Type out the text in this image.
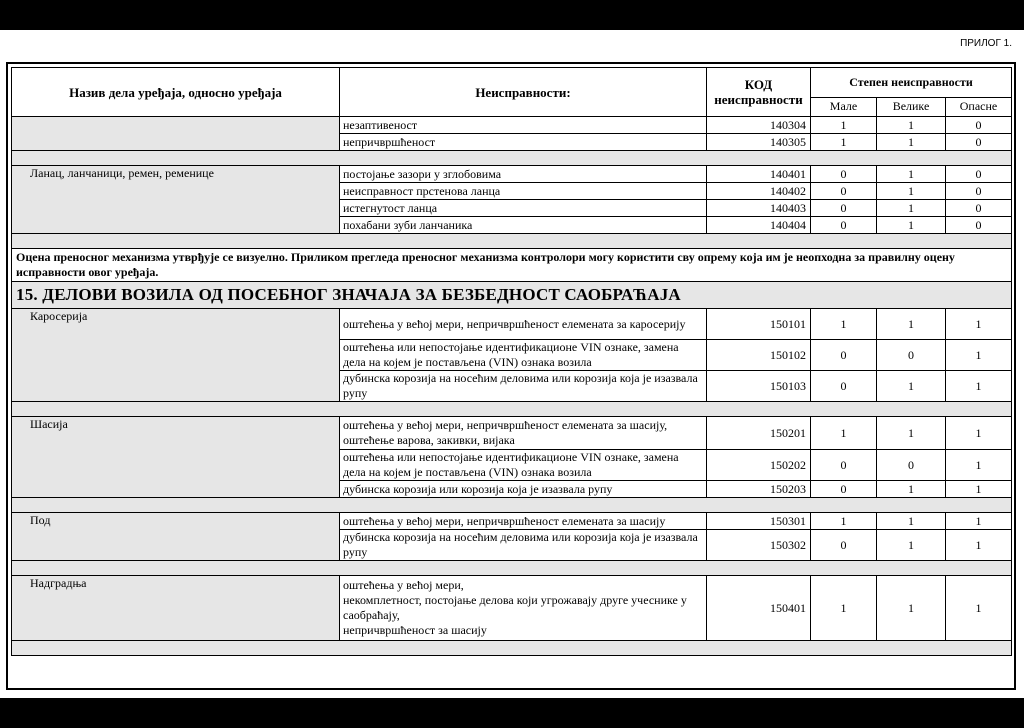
ПРИЛОГ 1.
Назив дела уређаја, односно уређаја	Неисправности:	КОД
неисправности	Степен неисправности		
			Мале	Велике	Опасне
	незаптивеност	140304	1	1	0
	непричвршћеност	140305	1	1	0

Ланац, ланчаници, ремен, ременице	постојање зазори у зглобовима	140401	0	1	0
	неисправност прстенова ланца	140402	0	1	0
	истегнутост ланца	140403	0	1	0
	похабани зуби ланчаника	140404	0	1	0

Оцена преносног механизма утврђује се визуелно. Приликом прегледа преносног механизма контролори могу користити сву опрему која им је неопходна за правилну оцену исправности овог уређаја.					
15. ДЕЛОВИ ВОЗИЛА ОД ПОСЕБНОГ ЗНАЧАЈА ЗА БЕЗБЕДНОСТ САОБРАЋАЈА					
Каросерија	оштећења у већој мери, непричвршћеност елемената за каросерију	150101	1	1	1
	оштећења или непостојање идентификационе VIN ознаке, замена дела на којем је постављена (VIN) ознака возила	150102	0	0	1
	дубинска корозија на носећим деловима или корозија која је изазвала рупу	150103	0	1	1

Шасија	оштећења у већој мери, непричвршћеност елемената за шасију, оштећење варова, закивки, вијака	150201	1	1	1
	оштећења или непостојање идентификационе VIN ознаке, замена дела на којем је постављена (VIN) ознака возила	150202	0	0	1
	дубинска корозија или корозија која је изазвала рупу	150203	0	1	1

Под	оштећења у већој мери, непричвршћеност елемената за шасију	150301	1	1	1
	дубинска корозија на носећим деловима или корозија која је изазвала рупу	150302	0	1	1

Надградња	оштећења у већој мери,
некомплетност, постојање делова који угрожавају друге учеснике у саобраћају,
непричвршћеност за шасију	150401	1	1	1
